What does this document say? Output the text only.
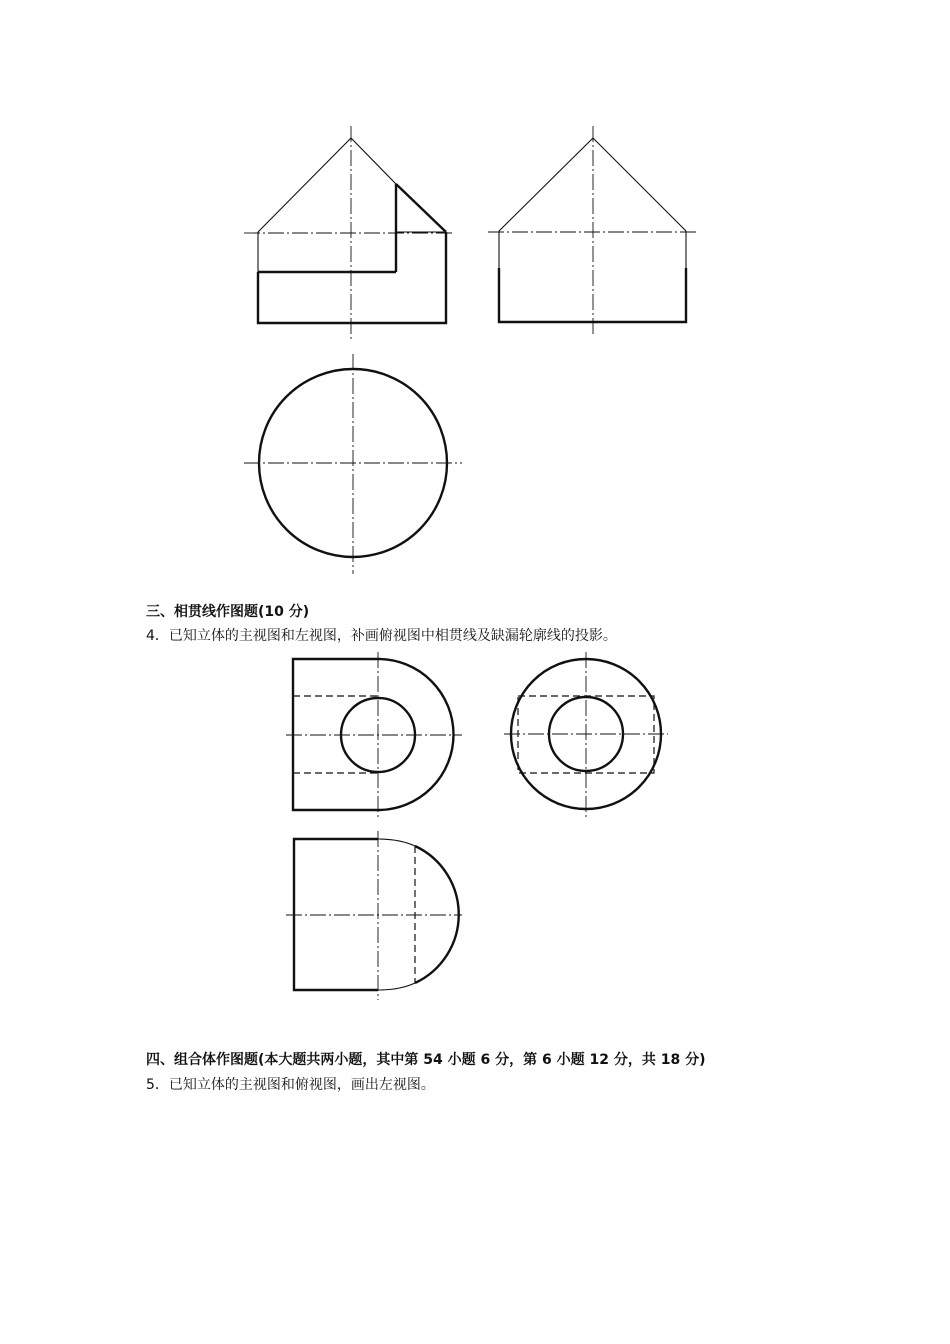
三、相贯线作图题(10 分)
4．已知立体的主视图和左视图，补画俯视图中相贯线及缺漏轮廓线的投影。
四、组合体作图题(本大题共两小题，其中第 54 小题 6 分，第 6 小题 12 分，共 18 分)
5．已知立体的主视图和俯视图，画出左视图。
